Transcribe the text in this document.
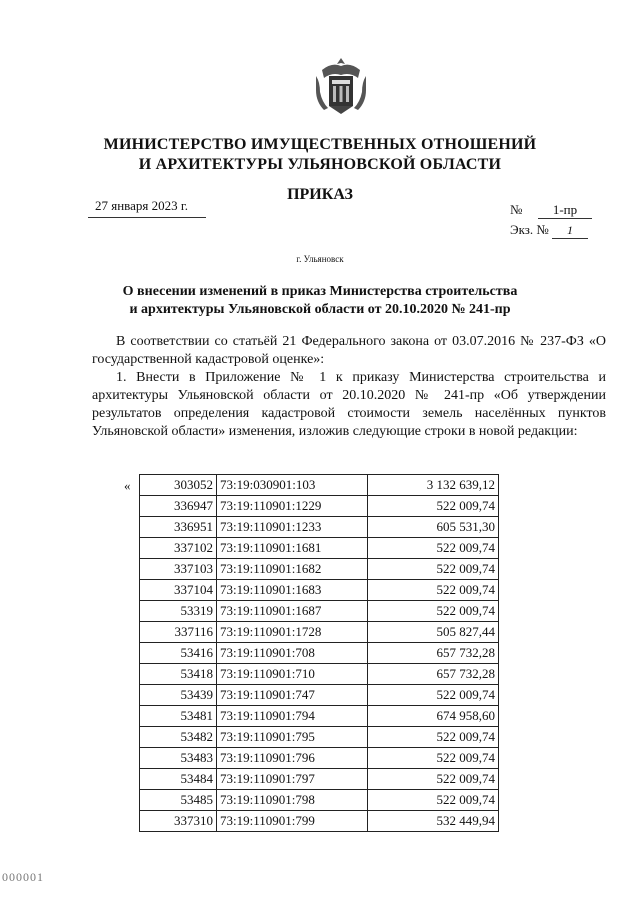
МИНИСТЕРСТВО ИМУЩЕСТВЕННЫХ ОТНОШЕНИЙ
И АРХИТЕКТУРЫ УЛЬЯНОВСКОЙ ОБЛАСТИ
ПРИКАЗ
27 января 2023 г.	№	1-пр
Экз. №
	1
г. Ульяновск
О внесении изменений в приказ Министерства строительства
и архитектуры Ульяновской области от 20.10.2020 № 241-пр
В соответствии со статьёй 21 Федерального закона от 03.07.2016 № 237-ФЗ «О государственной кадастровой оценке»:
1. Внести в Приложение № 1 к приказу Министерства строительства и архитектуры Ульяновской области от 20.10.2020 № 241-пр «Об утверждении результатов определения кадастровой стоимости земель населённых пунктов Ульяновской области» изменения, изложив следующие строки в новой редакции:
«	303052	73:19:030901:103	3 132 639,12
336947	73:19:110901:1229	522 009,74
336951	73:19:110901:1233	605 531,30
337102	73:19:110901:1681	522 009,74
337103	73:19:110901:1682	522 009,74
337104	73:19:110901:1683	522 009,74
53319	73:19:110901:1687	522 009,74
337116	73:19:110901:1728	505 827,44
53416	73:19:110901:708	657 732,28
53418	73:19:110901:710	657 732,28
53439	73:19:110901:747	522 009,74
53481	73:19:110901:794	674 958,60
53482	73:19:110901:795	522 009,74
53483	73:19:110901:796	522 009,74
53484	73:19:110901:797	522 009,74
53485	73:19:110901:798	522 009,74
337310	73:19:110901:799	532 449,94
000001
